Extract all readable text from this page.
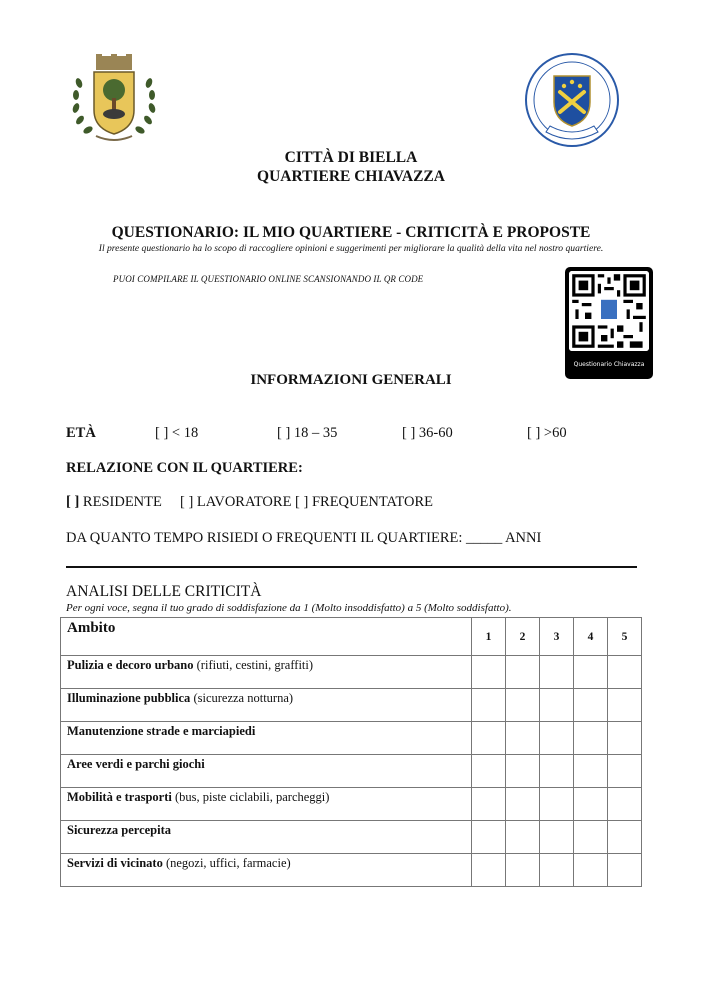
CITTÀ DI BIELLA
QUARTIERE CHIAVAZZA
QUESTIONARIO: IL MIO QUARTIERE - CRITICITÀ E PROPOSTE
Il presente questionario ha lo scopo di raccogliere opinioni e suggerimenti per migliorare la qualità della vita nel nostro quartiere.
PUOI COMPILARE IL QUESTIONARIO ONLINE SCANSIONANDO IL QR CODE
Questionario Chiavazza
INFORMAZIONI GENERALI
ETÀ	[ ] < 18	[ ] 18 – 35	[ ] 36-60	[ ] >60
RELAZIONE CON IL QUARTIERE:
[ ] RESIDENTE [ ] LAVORATORE [ ] FREQUENTATORE
DA QUANTO TEMPO RISIEDI O FREQUENTI IL QUARTIERE: _____ ANNI
ANALISI DELLE CRITICITÀ
Per ogni voce, segna il tuo grado di soddisfazione da 1 (Molto insoddisfatto) a 5 (Molto soddisfatto).
Ambito	1	2	3	4	5
Pulizia e decoro urbano (rifiuti, cestini, graffiti)					
Illuminazione pubblica (sicurezza notturna)					
Manutenzione strade e marciapiedi					
Aree verdi e parchi giochi					
Mobilità e trasporti (bus, piste ciclabili, parcheggi)					
Sicurezza percepita					
Servizi di vicinato (negozi, uffici, farmacie)					
